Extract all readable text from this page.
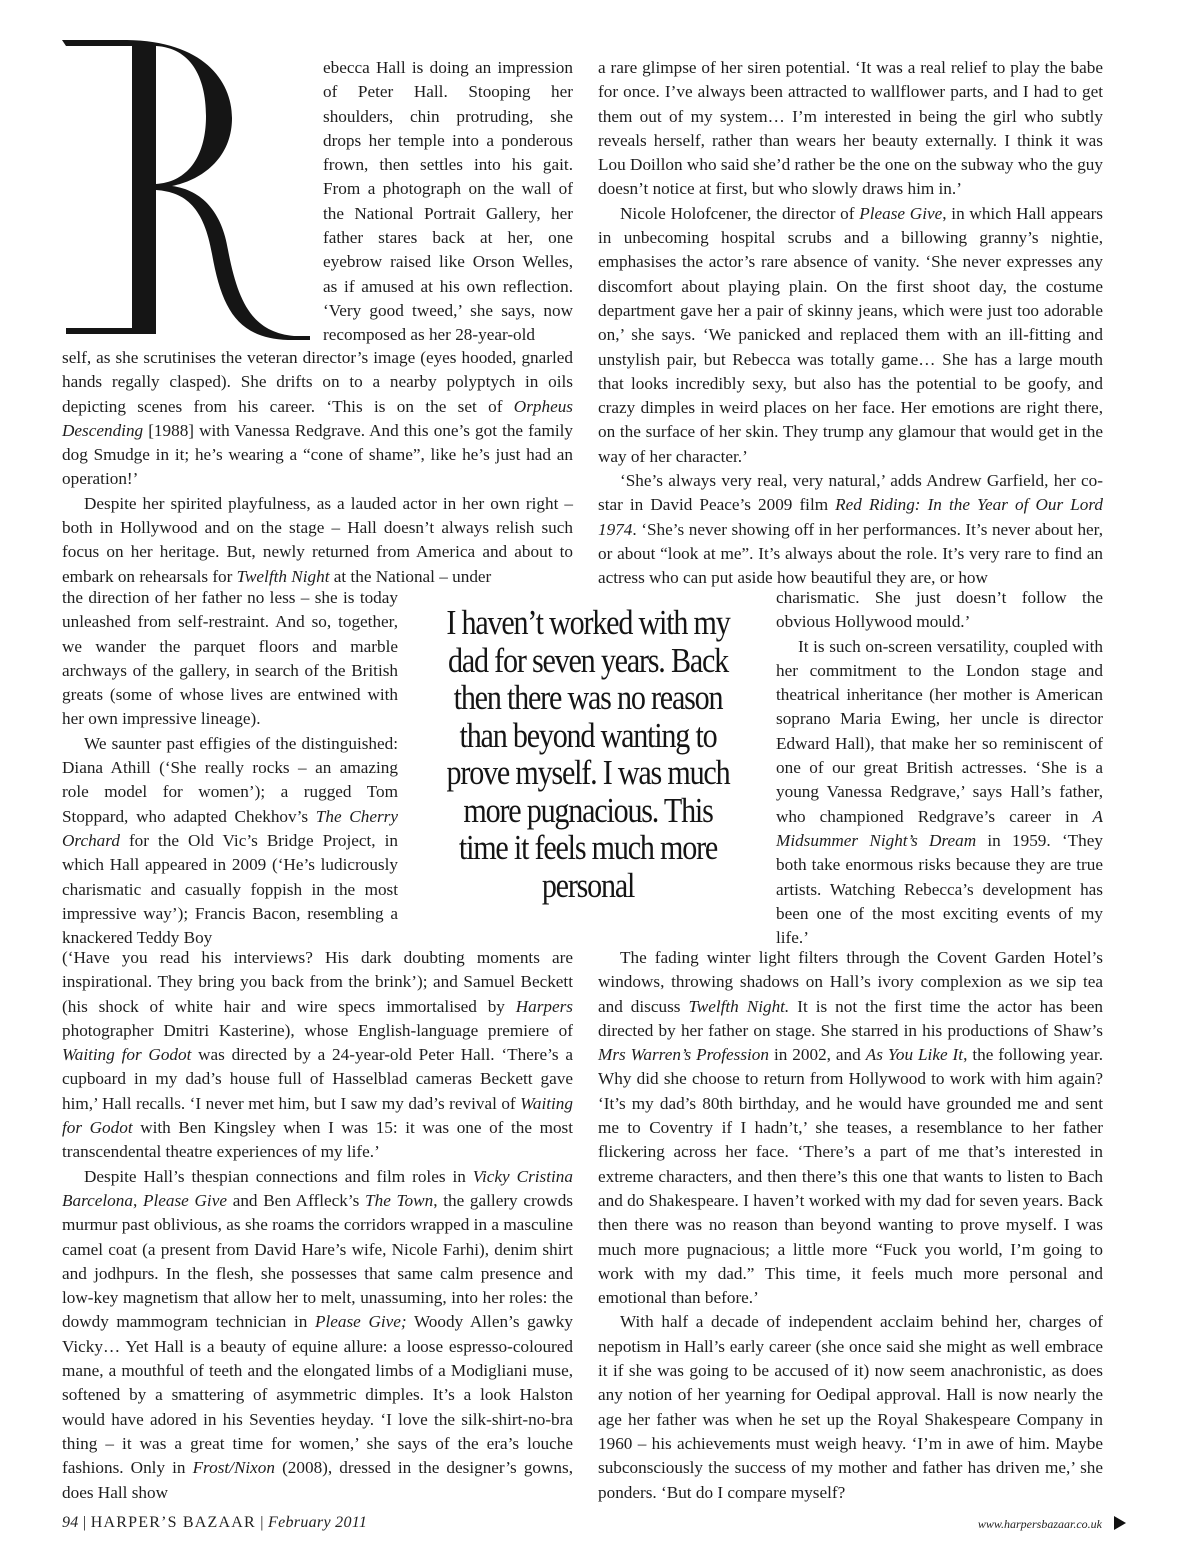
ebecca Hall is doing an impression of Peter Hall. Stooping her shoulders, chin protruding, she drops her temple into a ponderous frown, then settles into his gait. From a photograph on the wall of the National Portrait Gallery, her father stares back at her, one eyebrow raised like Orson Welles, as if amused at his own reflection. ‘Very good tweed,’ she says, now recomposed as her 28-year-old

self, as she scrutinises the veteran director’s image (eyes hooded, gnarled hands regally clasped). She drifts on to a nearby polyptych in oils depicting scenes from his career. ‘This is on the set of Orpheus Descending [1988] with Vanessa Redgrave. And this one’s got the family dog Smudge in it; he’s wearing a “cone of shame”, like he’s just had an operation!’

Despite her spirited playfulness, as a lauded actor in her own right – both in Hollywood and on the stage – Hall doesn’t always relish such focus on her heritage. But, newly returned from America and about to embark on rehearsals for Twelfth Night at the National – under

the direction of her father no less – she is today unleashed from self-restraint. And so, together, we wander the parquet floors and marble archways of the gallery, in search of the British greats (some of whose lives are entwined with her own impressive lineage).

We saunter past effigies of the distinguished: Diana Athill (‘She really rocks – an amazing role model for women’); a rugged Tom Stoppard, who adapted Chekhov’s The Cherry Orchard for the Old Vic’s Bridge Project, in which Hall appeared in 2009 (‘He’s ludicrously charismatic and casually foppish in the most impressive way’); Francis Bacon, resembling a knackered Teddy Boy

I haven’t worked with my dad for seven years. Back then there was no reason than beyond wanting to prove myself. I was much more pugnacious. This time it feels much more personal

(‘Have you read his interviews? His dark doubting moments are inspirational. They bring you back from the brink’); and Samuel Beckett (his shock of white hair and wire specs immortalised by Harpers photographer Dmitri Kasterine), whose English-language premiere of Waiting for Godot was directed by a 24-year-old Peter Hall. ‘There’s a cupboard in my dad’s house full of Hasselblad cameras Beckett gave him,’ Hall recalls. ‘I never met him, but I saw my dad’s revival of Waiting for Godot with Ben Kingsley when I was 15: it was one of the most transcendental theatre experiences of my life.’

Despite Hall’s thespian connections and film roles in Vicky Cristina Barcelona, Please Give and Ben Affleck’s The Town, the gallery crowds murmur past oblivious, as she roams the corridors wrapped in a masculine camel coat (a present from David Hare’s wife, Nicole Farhi), denim shirt and jodhpurs. In the flesh, she possesses that same calm presence and low-key magnetism that allow her to melt, unassuming, into her roles: the dowdy mammogram technician in Please Give; Woody Allen’s gawky Vicky… Yet Hall is a beauty of equine allure: a loose espresso-coloured mane, a mouthful of teeth and the elongated limbs of a Modigliani muse, softened by a smattering of asymmetric dimples. It’s a look Halston would have adored in his Seventies heyday. ‘I love the silk-shirt-no-bra thing – it was a great time for women,’ she says of the era’s louche fashions. Only in Frost/Nixon (2008), dressed in the designer’s gowns, does Hall show

a rare glimpse of her siren potential. ‘It was a real relief to play the babe for once. I’ve always been attracted to wallflower parts, and I had to get them out of my system… I’m interested in being the girl who subtly reveals herself, rather than wears her beauty externally. I think it was Lou Doillon who said she’d rather be the one on the subway who the guy doesn’t notice at first, but who slowly draws him in.’

Nicole Holofcener, the director of Please Give, in which Hall appears in unbecoming hospital scrubs and a billowing granny’s nightie, emphasises the actor’s rare absence of vanity. ‘She never expresses any discomfort about playing plain. On the first shoot day, the costume department gave her a pair of skinny jeans, which were just too adorable on,’ she says. ‘We panicked and replaced them with an ill-fitting and unstylish pair, but Rebecca was totally game… She has a large mouth that looks incredibly sexy, but also has the potential to be goofy, and crazy dimples in weird places on her face. Her emotions are right there, on the surface of her skin. They trump any glamour that would get in the way of her character.’

‘She’s always very real, very natural,’ adds Andrew Garfield, her co-star in David Peace’s 2009 film Red Riding: In the Year of Our Lord 1974. ‘She’s never showing off in her performances. It’s never about her, or about “look at me”. It’s always about the role. It’s very rare to find an actress who can put aside how beautiful they are, or how

charismatic. She just doesn’t follow the obvious Hollywood mould.’

It is such on-screen versatility, coupled with her commitment to the London stage and theatrical inheritance (her mother is American soprano Maria Ewing, her uncle is director Edward Hall), that make her so reminiscent of one of our great British actresses. ‘She is a young Vanessa Redgrave,’ says Hall’s father, who championed Redgrave’s career in A Midsummer Night’s Dream in 1959. ‘They both take enormous risks because they are true artists. Watching Rebecca’s development has been one of the most exciting events of my life.’

The fading winter light filters through the Covent Garden Hotel’s windows, throwing shadows on Hall’s ivory complexion as we sip tea and discuss Twelfth Night. It is not the first time the actor has been directed by her father on stage. She starred in his productions of Shaw’s Mrs Warren’s Profession in 2002, and As You Like It, the following year. Why did she choose to return from Hollywood to work with him again? ‘It’s my dad’s 80th birthday, and he would have grounded me and sent me to Coventry if I hadn’t,’ she teases, a resemblance to her father flickering across her face. ‘There’s a part of me that’s interested in extreme characters, and then there’s this one that wants to listen to Bach and do Shakespeare. I haven’t worked with my dad for seven years. Back then there was no reason than beyond wanting to prove myself. I was much more pugnacious; a little more “Fuck you world, I’m going to work with my dad.” This time, it feels much more personal and emotional than before.’

With half a decade of independent acclaim behind her, charges of nepotism in Hall’s early career (she once said she might as well embrace it if she was going to be accused of it) now seem anachronistic, as does any notion of her yearning for Oedipal approval. Hall is now nearly the age her father was when he set up the Royal Shakespeare Company in 1960 – his achievements must weigh heavy. ‘I’m in awe of him. Maybe subconsciously the success of my mother and father has driven me,’ she ponders. ‘But do I compare myself?

94 | HARPER’S BAZAAR | February 2011	www.harpersbazaar.co.uk
